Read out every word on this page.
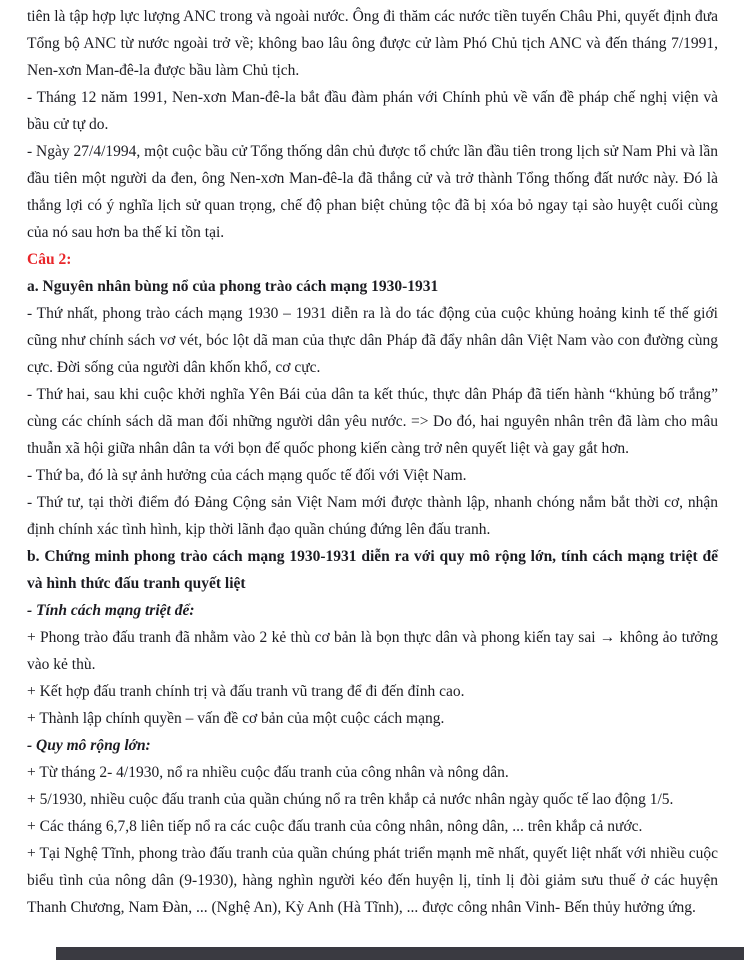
tiên là tập hợp lực lượng ANC trong và ngoài nước. Ông đi thăm các nước tiền tuyến Châu Phi, quyết định đưa Tổng bộ ANC từ nước ngoài trở về; không bao lâu ông được cử làm Phó Chủ tịch ANC và đến tháng 7/1991, Nen-xơn Man-đê-la được bầu làm Chủ tịch.

- Tháng 12 năm 1991, Nen-xơn Man-đê-la bắt đầu đàm phán với Chính phủ về vấn đề pháp chế nghị viện và bầu cử tự do.

- Ngày 27/4/1994, một cuộc bầu cử Tổng thống dân chủ được tổ chức lần đầu tiên trong lịch sử Nam Phi và lần đầu tiên một người da đen, ông Nen-xơn Man-đê-la đã thắng cử và trở thành Tổng thống đất nước này. Đó là thắng lợi có ý nghĩa lịch sử quan trọng, chế độ phan biệt chủng tộc đã bị xóa bỏ ngay tại sào huyệt cuối cùng của nó sau hơn ba thế kỉ tồn tại.

Câu 2:

a. Nguyên nhân bùng nổ của phong trào cách mạng 1930-1931

- Thứ nhất, phong trào cách mạng 1930 – 1931 diễn ra là do tác động của cuộc khủng hoảng kinh tế thế giới cũng như chính sách vơ vét, bóc lột dã man của thực dân Pháp đã đẩy nhân dân Việt Nam vào con đường cùng cực. Đời sống của người dân khốn khổ, cơ cực.

- Thứ hai, sau khi cuộc khởi nghĩa Yên Bái của dân ta kết thúc, thực dân Pháp đã tiến hành “khủng bố trắng” cùng các chính sách dã man đối những người dân yêu nước. => Do đó, hai nguyên nhân trên đã làm cho mâu thuẫn xã hội giữa nhân dân ta với bọn đế quốc phong kiến càng trở nên quyết liệt và gay gắt hơn.

- Thứ ba, đó là sự ảnh hưởng của cách mạng quốc tế đối với Việt Nam.

- Thứ tư, tại thời điểm đó Đảng Cộng sản Việt Nam mới được thành lập, nhanh chóng nắm bắt thời cơ, nhận định chính xác tình hình, kịp thời lãnh đạo quần chúng đứng lên đấu tranh.

b. Chứng minh phong trào cách mạng 1930-1931 diễn ra với quy mô rộng lớn, tính cách mạng triệt để và hình thức đấu tranh quyết liệt

- Tính cách mạng triệt để:

+ Phong trào đấu tranh đã nhằm vào 2 kẻ thù cơ bản là bọn thực dân và phong kiến tay sai → không ảo tưởng vào kẻ thù.

+ Kết hợp đấu tranh chính trị và đấu tranh vũ trang để đi đến đỉnh cao.

+ Thành lập chính quyền – vấn đề cơ bản của một cuộc cách mạng.

- Quy mô rộng lớn:

+ Từ tháng 2- 4/1930, nổ ra nhiều cuộc đấu tranh của công nhân và nông dân.

+ 5/1930, nhiều cuộc đấu tranh của quần chúng nổ ra trên khắp cả nước nhân ngày quốc tế lao động 1/5.

+ Các tháng 6,7,8 liên tiếp nổ ra các cuộc đấu tranh của công nhân, nông dân, ... trên khắp cả nước.

+ Tại Nghệ Tĩnh, phong trào đấu tranh của quần chúng phát triển mạnh mẽ nhất, quyết liệt nhất với nhiều cuộc biểu tình của nông dân (9-1930), hàng nghìn người kéo đến huyện lị, tỉnh lị đòi giảm sưu thuế ở các huyện Thanh Chương, Nam Đàn, ... (Nghệ An), Kỳ Anh (Hà Tĩnh), ... được công nhân Vinh- Bến thủy hưởng ứng.
